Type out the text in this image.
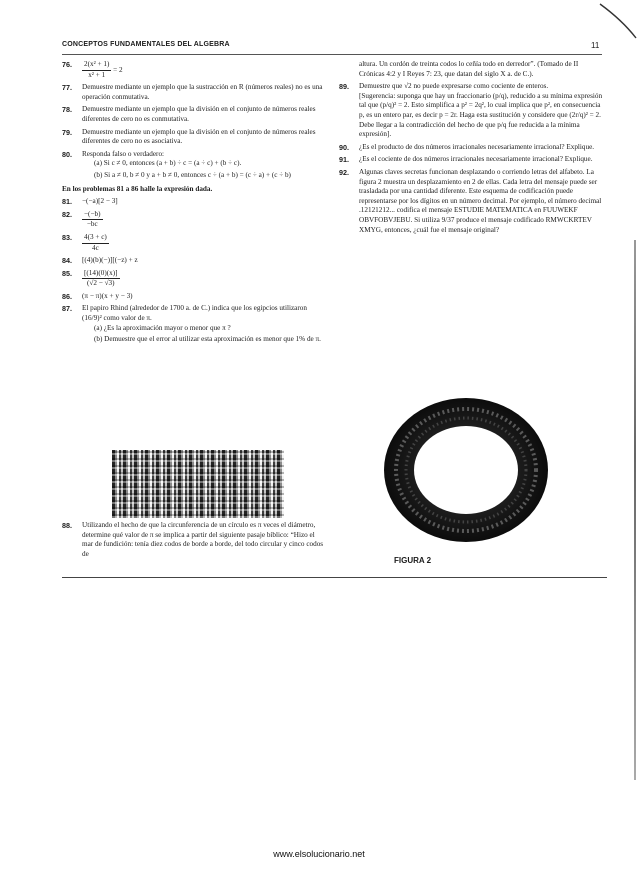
CONCEPTOS FUNDAMENTALES DEL ALGEBRA	11
76. $\frac{\text{2(x² + 1)}}{\text{x² + 1}} = 2$
77. Demuestre mediante un ejemplo que la sustracción en R (números reales) no es una operación conmutativa.
78. Demuestre mediante un ejemplo que la división en el conjunto de números reales diferentes de cero no es conmutativa.
79. Demuestre mediante un ejemplo que la división en el conjunto de números reales diferentes de cero no es asociativa.
80. Responda falso o verdadero:
(a) Si c ≠ 0, entonces (a + b) ÷ c = (a ÷ c) + (b ÷ c).
(b) Si a ≠ 0, b ≠ 0 y a + b ≠ 0, entonces c ÷ (a + b) = (c ÷ a) + (c ÷ b)
En los problemas 81 a 86 halle la expresión dada.
81. −(−a)[2 − 3]
82. $\frac{-(-b)}{-bc}$
83. $\frac{4(3 + c)}{4c}$
84. [(4)(b)(−)][(−z) + z
85. $\frac{[(14)(0)(x)]}{(√2 - √3)}$
86. (π − π)(x + y − 3)
87. El papiro Rhind (alrededor de 1700 a. de C.) indica que los egipcios utilizaron (16/9)² como valor de π.
(a) ¿Es la aproximación mayor o menor que π ?
(b) Demuestre que el error al utilizar esta aproximación es menor que 1% de π.
88. Utilizando el hecho de que la circunferencia de un círculo es π veces el diámetro, determine qué valor de π se implica a partir del siguiente pasaje bíblico: “Hizo el mar de fundición: tenía diez codos de borde a borde, del todo circular y cinco codos de
altura. Un cordón de treinta codos lo ceñía todo en derredor”. (Tomado de II Crónicas 4:2 y I Reyes 7: 23, que datan del siglo X a. de C.).
89. Demuestre que √2 no puede expresarse como cociente de enteros.
[Sugerencia: suponga que hay un fraccionario (p/q), reducido a su mínima expresión tal que (p/q)² = 2. Esto simplifica a p² = 2q², lo cual implica que p², en consecuencia p, es un entero par, es decir p = 2r. Haga esta sustitución y considere que (2r/q)² = 2. Debe llegar a la contradicción del hecho de que p/q fue reducida a la mínima expresión].
90. ¿Es el producto de dos números irracionales necesariamente irracional? Explique.
91. ¿Es el cociente de dos números irracionales necesariamente irracional? Explique.
92. Algunas claves secretas funcionan desplazando o corriendo letras del alfabeto. La figura 2 muestra un desplazamiento en 2 de ellas. Cada letra del mensaje puede ser trasladada por una cantidad diferente. Este esquema de codificación puede representarse por los dígitos en un número decimal. Por ejemplo, el número decimal .12121212... codifica el mensaje ESTUDIE MATEMATICA en FUUWEKF OBVFOBVJEBU. Si utiliza 9/37 produce el mensaje codificado RMWCKRTEV XMYG, entonces, ¿cuál fue el mensaje original?
FIGURA 2
www.elsolucionario.net
